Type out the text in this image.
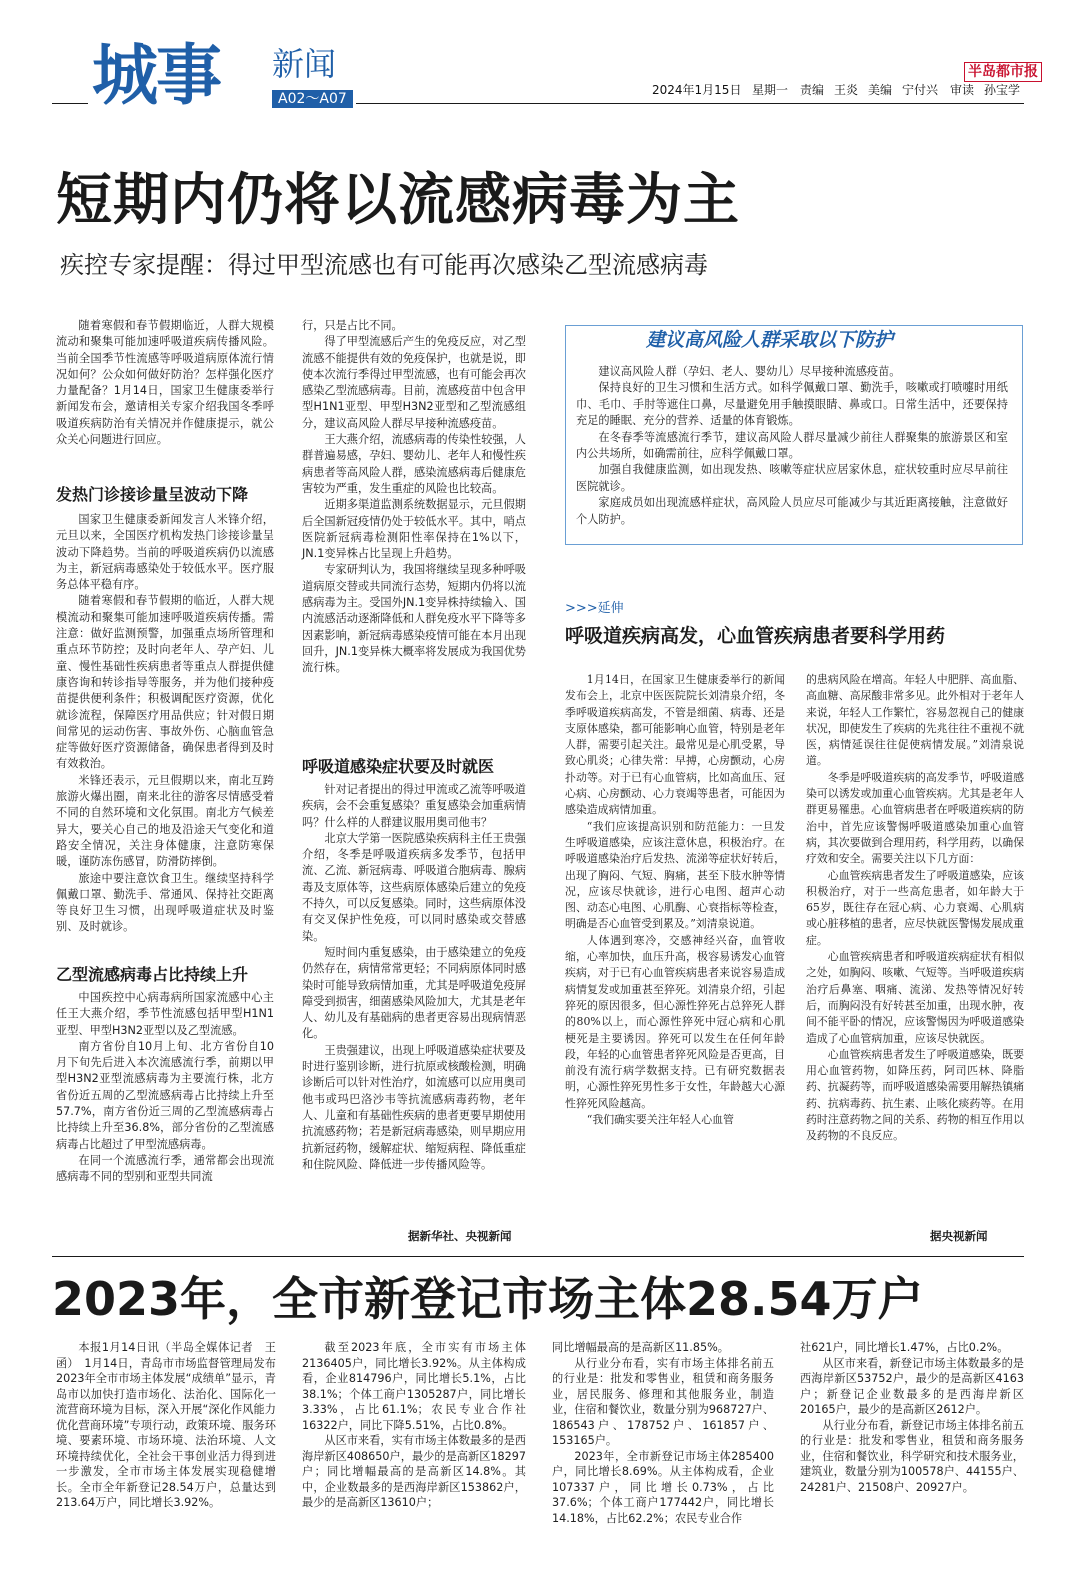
城事 新闻
A02～A07
半岛都市报
2024年1月15日 星期一 责编 王炎 美编 宁付兴 审读 孙宝学
短期内仍将以流感病毒为主
疾控专家提醒：得过甲型流感也有可能再次感染乙型流感病毒

随着寒假和春节假期临近，人群大规模流动和聚集可能加速呼吸道疾病传播风险。当前全国季节性流感等呼吸道病原体流行情况如何？公众如何做好防治？怎样强化医疗力量配备？1月14日，国家卫生健康委举行新闻发布会，邀请相关专家介绍我国冬季呼吸道疾病防治有关情况并作健康提示，就公众关心问题进行回应。

发热门诊接诊量呈波动下降

国家卫生健康委新闻发言人米锋介绍，元旦以来，全国医疗机构发热门诊接诊量呈波动下降趋势。当前的呼吸道疾病仍以流感为主，新冠病毒感染处于较低水平。医疗服务总体平稳有序。

随着寒假和春节假期的临近，人群大规模流动和聚集可能加速呼吸道疾病传播。需注意：做好监测预警，加强重点场所管理和重点环节防控；及时向老年人、孕产妇、儿童、慢性基础性疾病患者等重点人群提供健康咨询和转诊指导等服务，并为他们接种疫苗提供便利条件；积极调配医疗资源，优化就诊流程，保障医疗用品供应；针对假日期间常见的运动伤害、事故外伤、心脑血管急症等做好医疗资源储备，确保患者得到及时有效救治。

米锋还表示，元旦假期以来，南北互跨旅游火爆出圈，南来北往的游客尽情感受着不同的自然环境和文化氛围。南北方气候差异大，要关心自己的地及沿途天气变化和道路安全情况，关注身体健康，注意防寒保暖，谨防冻伤感冒，防滑防摔倒。

旅途中要注意饮食卫生。继续坚持科学佩戴口罩、勤洗手、常通风、保持社交距离等良好卫生习惯，出现呼吸道症状及时鉴别、及时就诊。

乙型流感病毒占比持续上升

中国疾控中心病毒病所国家流感中心主任王大燕介绍，季节性流感包括甲型H1N1亚型、甲型H3N2亚型以及乙型流感。

南方省份自10月上旬、北方省份自10月下旬先后进入本次流感流行季，前期以甲型H3N2亚型流感病毒为主要流行株，北方省份近五周的乙型流感病毒占比持续上升至57.7%，南方省份近三周的乙型流感病毒占比持续上升至36.8%，部分省份的乙型流感病毒占比超过了甲型流感病毒。

在同一个流感流行季，通常都会出现流感病毒不同的型别和亚型共同流

行，只是占比不同。

得了甲型流感后产生的免疫反应，对乙型流感不能提供有效的免疫保护，也就是说，即使本次流行季得过甲型流感，也有可能会再次感染乙型流感病毒。目前，流感疫苗中包含甲型H1N1亚型、甲型H3N2亚型和乙型流感组分，建议高风险人群尽早接种流感疫苗。

王大燕介绍，流感病毒的传染性较强，人群普遍易感，孕妇、婴幼儿、老年人和慢性疾病患者等高风险人群，感染流感病毒后健康危害较为严重，发生重症的风险也比较高。

近期多渠道监测系统数据显示，元旦假期后全国新冠疫情仍处于较低水平。其中，哨点医院新冠病毒检测阳性率保持在1%以下，JN.1变异株占比呈现上升趋势。

专家研判认为，我国将继续呈现多种呼吸道病原交替或共同流行态势，短期内仍将以流感病毒为主。受国外JN.1变异株持续输入、国内流感活动逐渐降低和人群免疫水平下降等多因素影响，新冠病毒感染疫情可能在本月出现回升，JN.1变异株大概率将发展成为我国优势流行株。

呼吸道感染症状要及时就医

针对记者提出的得过甲流或乙流等呼吸道疾病，会不会重复感染？重复感染会加重病情吗？什么样的人群建议服用奥司他韦？

北京大学第一医院感染疾病科主任王贵强介绍，冬季是呼吸道疾病多发季节，包括甲流、乙流、新冠病毒、呼吸道合胞病毒、腺病毒及支原体等，这些病原体感染后建立的免疫不持久，可以反复感染。同时，这些病原体没有交叉保护性免疫，可以同时感染或交替感染。

短时间内重复感染，由于感染建立的免疫仍然存在，病情常常更轻；不同病原体同时感染时可能导致病情加重，尤其是呼吸道免疫屏障受到损害，细菌感染风险加大，尤其是老年人、幼儿及有基础病的患者更容易出现病情恶化。

王贵强建议，出现上呼吸道感染症状要及时进行鉴别诊断，进行抗原或核酸检测，明确诊断后可以针对性治疗，如流感可以应用奥司他韦或玛巴洛沙韦等抗流感病毒药物，老年人、儿童和有基础性疾病的患者更要早期使用抗流感药物；若是新冠病毒感染，则早期应用抗新冠药物，缓解症状、缩短病程、降低重症和住院风险、降低进一步传播风险等。

据新华社、央视新闻
建议高风险人群采取以下防护

建议高风险人群（孕妇、老人、婴幼儿）尽早接种流感疫苗。

保持良好的卫生习惯和生活方式。如科学佩戴口罩、勤洗手，咳嗽或打喷嚏时用纸巾、毛巾、手肘等遮住口鼻，尽量避免用手触摸眼睛、鼻或口。日常生活中，还要保持充足的睡眠、充分的营养、适量的体育锻炼。

在冬春季等流感流行季节，建议高风险人群尽量减少前往人群聚集的旅游景区和室内公共场所，如确需前往，应科学佩戴口罩。

加强自我健康监测，如出现发热、咳嗽等症状应居家休息，症状较重时应尽早前往医院就诊。

家庭成员如出现流感样症状，高风险人员应尽可能减少与其近距离接触，注意做好个人防护。

>>>延伸
呼吸道疾病高发，心血管疾病患者要科学用药

1月14日，在国家卫生健康委举行的新闻发布会上，北京中医医院院长刘清泉介绍，冬季呼吸道疾病高发，不管是细菌、病毒、还是支原体感染，都可能影响心血管，特别是老年人群，需要引起关注。最常见是心肌受累，导致心肌炎；心律失常：早搏，心房颤动，心房扑动等。对于已有心血管病，比如高血压、冠心病、心房颤动、心力衰竭等患者，可能因为感染造成病情加重。

“我们应该提高识别和防范能力：一旦发生呼吸道感染，应该注意休息，积极治疗。在呼吸道感染治疗后发热、流涕等症状好转后，出现了胸闷、气短、胸痛，甚至下肢水肿等情况，应该尽快就诊，进行心电图、超声心动图、动态心电图、心肌酶、心衰指标等检查，明确是否心血管受到累及。”刘清泉说道。

人体遇到寒冷，交感神经兴奋，血管收缩，心率加快，血压升高，极容易诱发心血管疾病，对于已有心血管疾病患者来说容易造成病情复发或加重甚至猝死。刘清泉介绍，引起猝死的原因很多，但心源性猝死占总猝死人群的80%以上，而心源性猝死中冠心病和心肌梗死是主要诱因。猝死可以发生在任何年龄段，年轻的心血管患者猝死风险是否更高，目前没有流行病学数据支持。已有研究数据表明，心源性猝死男性多于女性，年龄越大心源性猝死风险越高。

“我们确实要关注年轻人心血管

的患病风险在增高。年轻人中肥胖、高血脂、高血糖、高尿酸非常多见。此外相对于老年人来说，年轻人工作繁忙，容易忽视自己的健康状况，即使发生了疾病的先兆往往不重视不就医，病情延误往往促使病情发展。”刘清泉说道。

冬季是呼吸道疾病的高发季节，呼吸道感染可以诱发或加重心血管疾病。尤其是老年人群更易罹患。心血管病患者在呼吸道疾病的防治中，首先应该警惕呼吸道感染加重心血管病，其次要做到合理用药，科学用药，以确保疗效和安全。需要关注以下几方面：

心血管疾病患者发生了呼吸道感染，应该积极治疗，对于一些高危患者，如年龄大于65岁，既往存在冠心病、心力衰竭、心肌病或心脏移植的患者，应尽快就医警惕发展成重症。

心血管疾病患者和呼吸道疾病症状有相似之处，如胸闷、咳嗽、气短等。当呼吸道疾病治疗后鼻塞、咽痛、流涕、发热等情况好转后，而胸闷没有好转甚至加重，出现水肿，夜间不能平卧的情况，应该警惕因为呼吸道感染造成了心血管病加重，应该尽快就医。

心血管疾病患者发生了呼吸道感染，既要用心血管药物，如降压药，阿司匹林、降脂药、抗凝药等，而呼吸道感染需要用解热镇痛药、抗病毒药、抗生素、止咳化痰药等。在用药时注意药物之间的关系、药物的相互作用以及药物的不良反应。

据央视新闻
2023年，全市新登记市场主体28.54万户

本报1月14日讯（半岛全媒体记者　王函）　1月14日，青岛市市场监督管理局发布2023年全市市场主体发展“成绩单”显示，青岛市以加快打造市场化、法治化、国际化一流营商环境为目标，深入开展“深化作风能力优化营商环境”专项行动，政策环境、服务环境、要素环境、市场环境、法治环境、人文环境持续优化，全社会干事创业活力得到进一步激发，全市市场主体发展实现稳健增长。全市全年新登记28.54万户，总量达到213.64万户，同比增长3.92%。

截至2023年底，全市实有市场主体2136405户，同比增长3.92%。从主体构成看，企业814796户，同比增长5.1%，占比38.1%；个体工商户1305287户，同比增长3.33%，占比61.1%；农民专业合作社16322户，同比下降5.51%，占比0.8%。

从区市来看，实有市场主体数最多的是西海岸新区408650户，最少的是高新区18297户；同比增幅最高的是高新区14.8%。其中，企业数最多的是西海岸新区153862户，最少的是高新区13610户；

同比增幅最高的是高新区11.85%。

从行业分布看，实有市场主体排名前五的行业是：批发和零售业，租赁和商务服务业，居民服务、修理和其他服务业，制造业，住宿和餐饮业，数量分别为968727户、186543户、178752户、161857户、153165户。

2023年，全市新登记市场主体285400户，同比增长8.69%。从主体构成看，企业107337户，同比增长0.73%，占比37.6%；个体工商户177442户，同比增长14.18%，占比62.2%；农民专业合作

社621户，同比增长1.47%，占比0.2%。

从区市来看，新登记市场主体数最多的是西海岸新区53752户，最少的是高新区4163户；新登记企业数最多的是西海岸新区20165户，最少的是高新区2612户。

从行业分布看，新登记市场主体排名前五的行业是：批发和零售业，租赁和商务服务业，住宿和餐饮业，科学研究和技术服务业，建筑业，数量分别为100578户、44155户、24281户、21508户、20927户。
